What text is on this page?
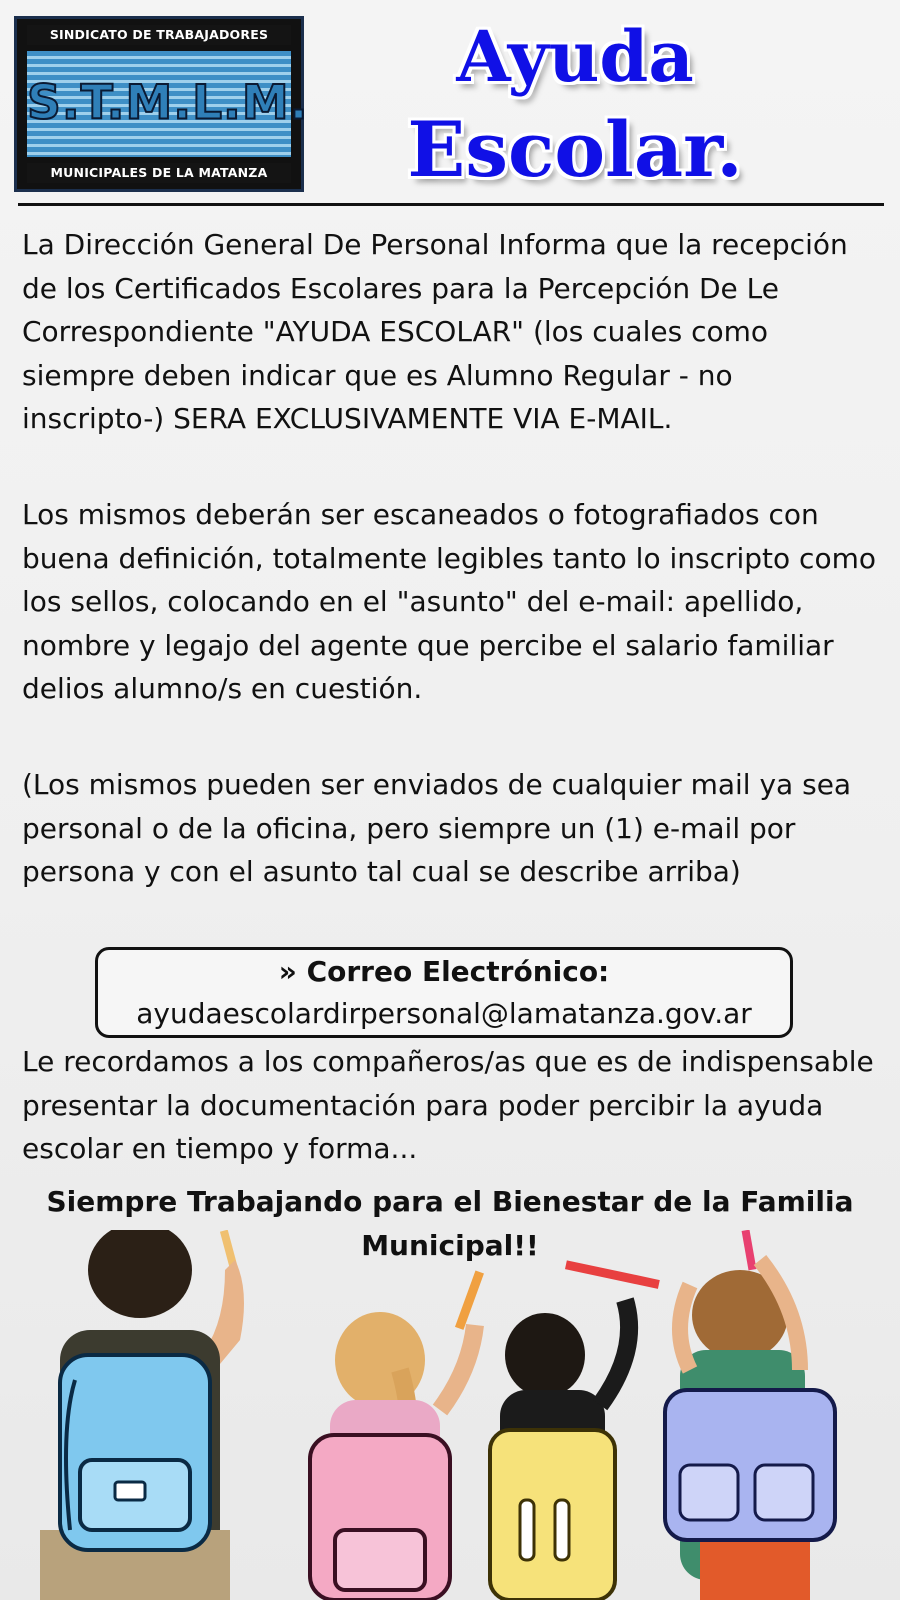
SINDICATO DE TRABAJADORES
S.T.M.L.M.
MUNICIPALES DE LA MATANZA
Ayuda
Escolar.

La Dirección General De Personal Informa que la recepción de los Certificados Escolares para la Percepción De Le Correspondiente "AYUDA ESCOLAR" (los cuales como siempre deben indicar que es Alumno Regular - no inscripto-) SERA EXCLUSIVAMENTE VIA E-MAIL.

Los mismos deberán ser escaneados o fotografiados con buena definición, totalmente legibles tanto lo inscripto como los sellos, colocando en el "asunto" del e-mail: apellido, nombre y legajo del agente que percibe el salario familiar delios alumno/s en cuestión.

(Los mismos pueden ser enviados de cualquier mail ya sea personal o de la oficina, pero siempre un (1) e-mail por persona y con el asunto tal cual se describe arriba)

» Correo Electrónico:
ayudaescolardirpersonal@lamatanza.gov.ar

Le recordamos a los compañeros/as que es de indispensable presentar la documentación para poder percibir la ayuda escolar en tiempo y forma...

Siempre Trabajando para el Bienestar de la Familia Municipal!!
